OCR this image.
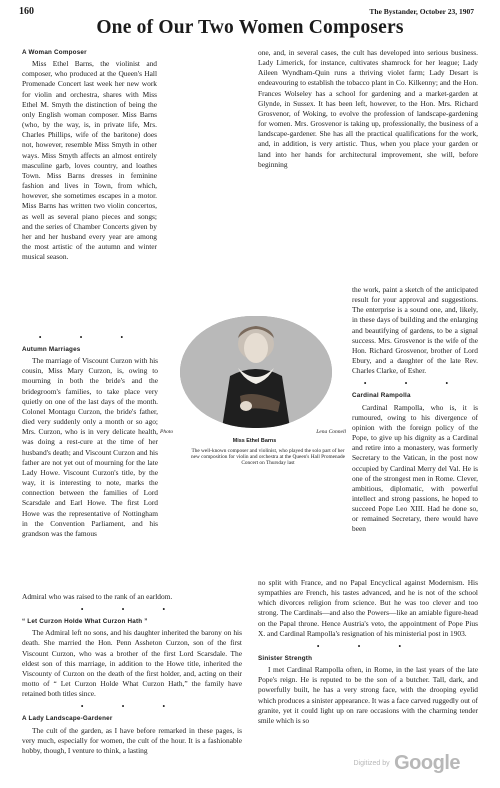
160	The Bystander, October 23, 1907
One of Our Two Women Composers
A Woman Composer

Miss Ethel Barns, the violinist and composer, who produced at the Queen's Hall Promenade Concert last week her new work for violin and orchestra, shares with Miss Ethel M. Smyth the distinction of being the only English woman composer. Miss Barns (who, by the way, is, in private life, Mrs. Charles Phillips, wife of the baritone) does not, however, resemble Miss Smyth in other ways. Miss Smyth affects an almost entirely masculine garb, loves country, and loathes Town. Miss Barns dresses in feminine fashion and lives in Town, from which, however, she sometimes escapes in a motor. Miss Barns has written two violin concertos, as well as several piano pieces and songs; and the series of Chamber Concerts given by her and her husband every year are among the most artistic of the autumn and winter musical season.

• • •
Autumn Marriages

The marriage of Viscount Curzon with his cousin, Miss Mary Curzon, is, owing to mourning in both the bride's and the bridegroom's families, to take place very quietly on one of the last days of the month. Colonel Montagu Curzon, the bride's father, died very suddenly only a month or so ago; Mrs. Curzon, who is in very delicate health, was doing a rest-cure at the time of her husband's death; and Viscount Curzon and his father are not yet out of mourning for the late Lady Howe. Viscount Curzon's title, by the way, it is interesting to note, marks the connection between the families of Lord Scarsdale and Earl Howe. The first Lord Howe was the representative of Nottingham in the Convention Parliament, and his grandson was the famous

Admiral who was raised to the rank of an earldom.

• • •
“ Let Curzon Holde What Curzon Hath ”

The Admiral left no sons, and his daughter inherited the barony on his death. She married the Hon. Penn Assheton Curzon, son of the first Viscount Curzon, who was a brother of the first Lord Scarsdale. The eldest son of this marriage, in addition to the Howe title, inherited the Viscounty of Curzon on the death of the first holder, and, acting on their motto of “ Let Curzon Holde What Curzon Hath,” the family have retained both titles since.

• • •
A Lady Landscape-Gardener

The cult of the garden, as I have before remarked in these pages, is very much, especially for women, the cult of the hour. It is a fashionable hobby, though, I venture to think, a lasting

one, and, in several cases, the cult has developed into serious business. Lady Limerick, for instance, cultivates shamrock for her league; Lady Aileen Wyndham-Quin runs a thriving violet farm; Lady Desart is endeavouring to establish the tobacco plant in Co. Kilkenny; and the Hon. Frances Wolseley has a school for gardening and a market-garden at Glynde, in Sussex. It has been left, however, to the Hon. Mrs. Richard Grosvenor, of Woking, to evolve the profession of landscape-gardening for women. Mrs. Grosvenor is taking up, professionally, the business of a landscape-gardener. She has all the practical qualifications for the work, and, in addition, is very artistic. Thus, when you place your garden or land into her hands for architectural improvement, she will, before beginning

the work, paint a sketch of the anticipated result for your approval and suggestions. The enterprise is a sound one, and, likely, in these days of building and the enlarging and beautifying of gardens, to be a signal success. Mrs. Grosvenor is the wife of the Hon. Richard Grosvenor, brother of Lord Ebury, and a daughter of the late Rev. Charles Clarke, of Esher.

• • •
Cardinal Rampolla

Cardinal Rampolla, who is, it is rumoured, owing to his divergence of opinion with the foreign policy of the Pope, to give up his dignity as a Cardinal and retire into a monastery, was formerly Secretary to the Vatican, in the post now occupied by Cardinal Merry del Val. He is one of the strongest men in Rome. Clever, ambitious, diplomatic, with powerful intellect and strong passions, he hoped to succeed Pope Leo XIII. Had he done so, or remained Secretary, there would have been

no split with France, and no Papal Encyclical against Modernism. His sympathies are French, his tastes advanced, and he is not of the school which divorces religion from science. But he was too clever and too strong. The Cardinals—and also the Powers—like an amiable figure-head on the Papal throne. Hence Austria's veto, the appointment of Pope Pius X. and Cardinal Rampolla's resignation of his ministerial post in 1903.

• • •
Sinister Strength

I met Cardinal Rampolla often, in Rome, in the last years of the late Pope's reign. He is reputed to be the son of a butcher. Tall, dark, and powerfully built, he has a very strong face, with the drooping eyelid which produces a sinister appearance. It was a face carved ruggedly out of granite, yet it could light up on rare occasions with the charming tender smile which is so

Photo	Lena Connell
Miss Ethel Barns
The well-known composer and violinist, who played the solo part of her new composition for violin and orchestra at the Queen's Hall Promenade Concert on Thursday last
Digitized by Google
